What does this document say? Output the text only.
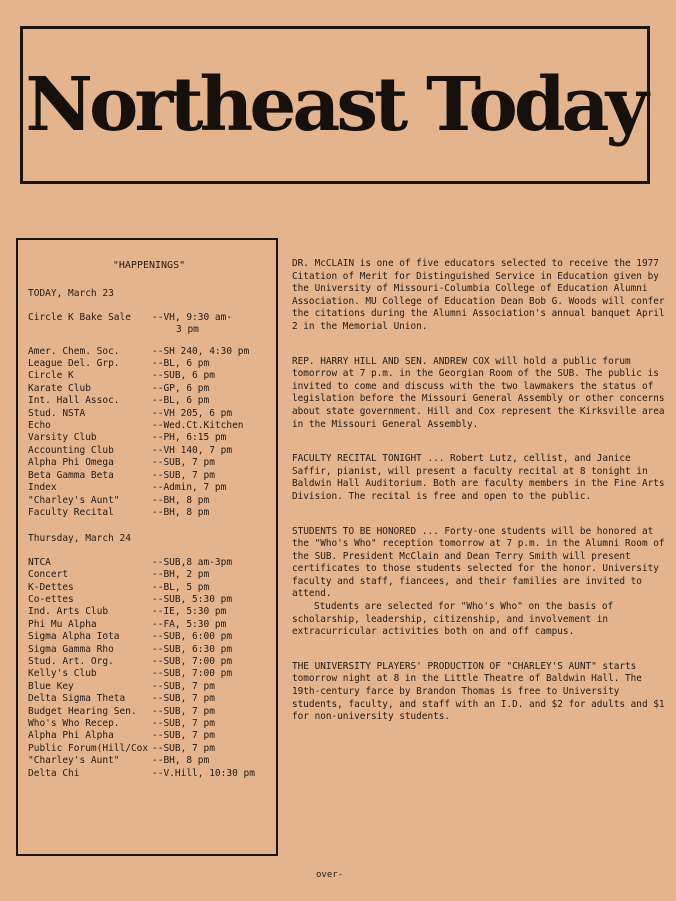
Northeast Today
"HAPPENINGS"
TODAY, March 23
Circle K Bake Sale	--VH, 9:30 am-
3 pm
Amer. Chem. Soc.	--SH 240, 4:30 pm
League Del. Grp.	--BL, 6 pm
Circle K	--SUB, 6 pm
Karate Club	--GP, 6 pm
Int. Hall Assoc.	--BL, 6 pm
Stud. NSTA	--VH 205, 6 pm
Echo	--Wed.Ct.Kitchen
Varsity Club	--PH, 6:15 pm
Accounting Club	--VH 140, 7 pm
Alpha Phi Omega	--SUB, 7 pm
Beta Gamma Beta	--SUB, 7 pm
Index	--Admin, 7 pm
"Charley's Aunt"	--BH, 8 pm
Faculty Recital	--BH, 8 pm
Thursday, March 24
NTCA	--SUB,8 am-3pm
Concert	--BH, 2 pm
K-Dettes	--BL, 5 pm
Co-ettes	--SUB, 5:30 pm
Ind. Arts Club	--IE, 5:30 pm
Phi Mu Alpha	--FA, 5:30 pm
Sigma Alpha Iota	--SUB, 6:00 pm
Sigma Gamma Rho	--SUB, 6:30 pm
Stud. Art. Org.	--SUB, 7:00 pm
Kelly's Club	--SUB, 7:00 pm
Blue Key	--SUB, 7 pm
Delta Sigma Theta	--SUB, 7 pm
Budget Hearing Sen.	--SUB, 7 pm
Who's Who Recep.	--SUB, 7 pm
Alpha Phi Alpha	--SUB, 7 pm
Public Forum(Hill/Cox --SUB, 7 pm
"Charley's Aunt"	--BH, 8 pm
Delta Chi	--V.Hill, 10:30 pm

DR. McCLAIN is one of five educators selected to receive the 1977 Citation of Merit for Distinguished Service in Education given by the University of Missouri-Columbia College of Education Alumni Association. MU College of Education Dean Bob G. Woods will confer the citations during the Alumni Association's annual banquet April 2 in the Memorial Union.

REP. HARRY HILL AND SEN. ANDREW COX will hold a public forum tomorrow at 7 p.m. in the Georgian Room of the SUB. The public is invited to come and discuss with the two lawmakers the status of legislation before the Missouri General Assembly or other concerns about state government. Hill and Cox represent the Kirksville area in the Missouri General Assembly.

FACULTY RECITAL TONIGHT ... Robert Lutz, cellist, and Janice Saffir, pianist, will present a faculty recital at 8 tonight in Baldwin Hall Auditorium. Both are faculty members in the Fine Arts Division. The recital is free and open to the public.

STUDENTS TO BE HONORED ... Forty-one students will be honored at the "Who's Who" reception tomorrow at 7 p.m. in the Alumni Room of the SUB. President McClain and Dean Terry Smith will present certificates to those students selected for the honor. University faculty and staff, fiancees, and their families are invited to attend.

Students are selected for "Who's Who" on the basis of scholarship, leadership, citizenship, and involvement in extracurricular activities both on and off campus.

THE UNIVERSITY PLAYERS' PRODUCTION OF "CHARLEY'S AUNT" starts tomorrow night at 8 in the Little Theatre of Baldwin Hall. The 19th-century farce by Brandon Thomas is free to University students, faculty, and staff with an I.D. and $2 for adults and $1 for non-university students.

over-
